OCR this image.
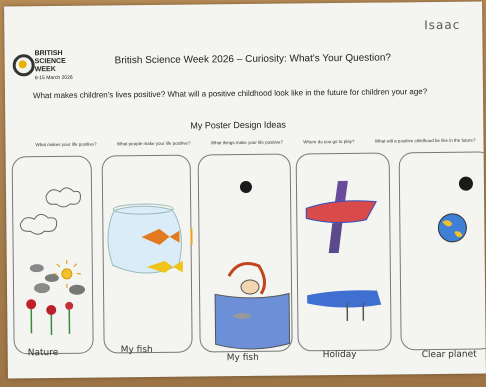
Isaac
BRITISH
SCIENCE
WEEK
6-15 March 2026
British Science Week 2026 – Curiosity: What's Your Question?
What makes children's lives positive? What will a positive childhood look like in the future for children your age?
My Poster Design Ideas
What makes your life positive?	What people make your life positive?	What things make your life positive?	Where do you go to play?	What will a positive childhood be like in the future?
Nature	My fish
My fish	Holiday	Clear planet
